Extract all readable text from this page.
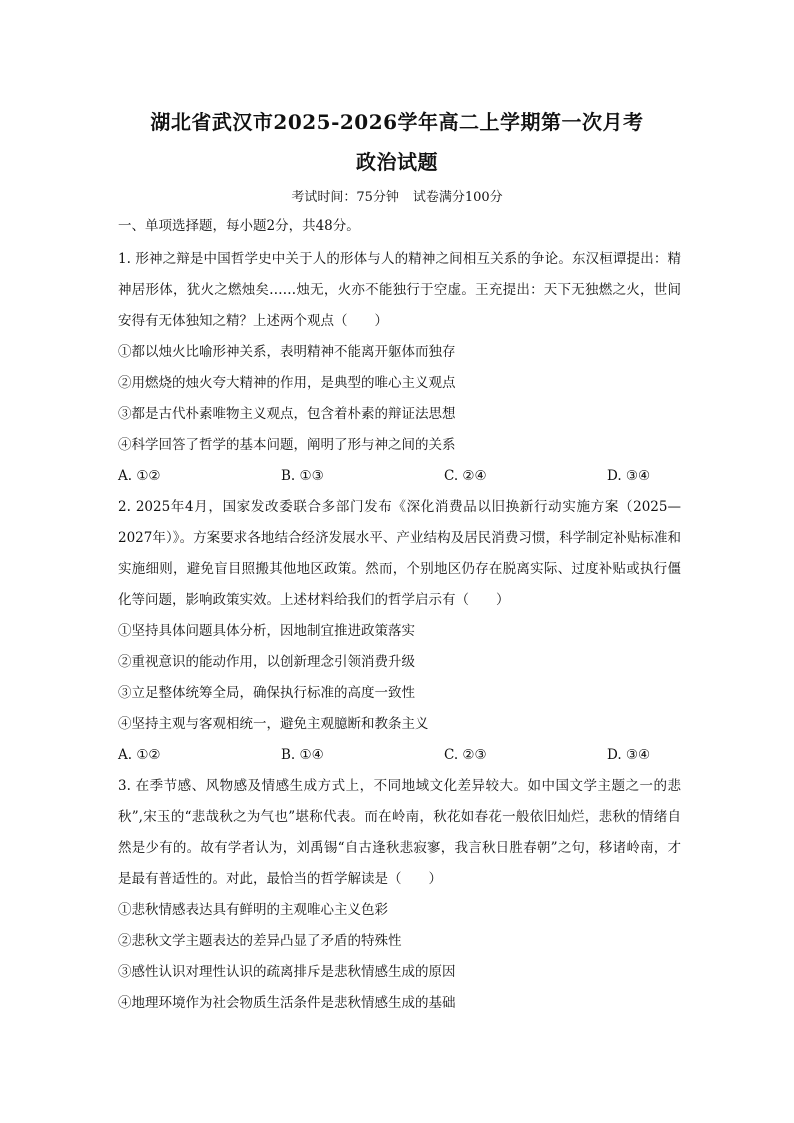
湖北省武汉市2025-2026学年高二上学期第一次月考
政治试题
考试时间：75分钟 试卷满分100分
一、单项选择题，每小题2分，共48分。
1. 形神之辩是中国哲学史中关于人的形体与人的精神之间相互关系的争论。东汉桓谭提出：精神居形体，犹火之燃烛矣……烛无，火亦不能独行于空虚。王充提出：天下无独燃之火，世间安得有无体独知之精？上述两个观点（　　）
①都以烛火比喻形神关系，表明精神不能离开躯体而独存
②用燃烧的烛火夸大精神的作用，是典型的唯心主义观点
③都是古代朴素唯物主义观点，包含着朴素的辩证法思想
④科学回答了哲学的基本问题，阐明了形与神之间的关系
A. ①②	B. ①③	C. ②④	D. ③④
2. 2025年4月，国家发改委联合多部门发布《深化消费品以旧换新行动实施方案（2025—2027年）》。方案要求各地结合经济发展水平、产业结构及居民消费习惯，科学制定补贴标准和实施细则，避免盲目照搬其他地区政策。然而，个别地区仍存在脱离实际、过度补贴或执行僵化等问题，影响政策实效。上述材料给我们的哲学启示有（　　）
①坚持具体问题具体分析，因地制宜推进政策落实
②重视意识的能动作用，以创新理念引领消费升级
③立足整体统筹全局，确保执行标准的高度一致性
④坚持主观与客观相统一，避免主观臆断和教条主义
A. ①②	B. ①④	C. ②③	D. ③④
3. 在季节感、风物感及情感生成方式上，不同地域文化差异较大。如中国文学主题之一的悲秋”,宋玉的“悲哉秋之为气也”堪称代表。而在岭南，秋花如春花一般依旧灿烂，悲秋的情绪自然是少有的。故有学者认为，刘禹锡“自古逢秋悲寂寥，我言秋日胜春朝”之句，移诸岭南，才是最有普适性的。对此，最恰当的哲学解读是（　　）
①悲秋情感表达具有鲜明的主观唯心主义色彩
②悲秋文学主题表达的差异凸显了矛盾的特殊性
③感性认识对理性认识的疏离排斥是悲秋情感生成的原因
④地理环境作为社会物质生活条件是悲秋情感生成的基础
